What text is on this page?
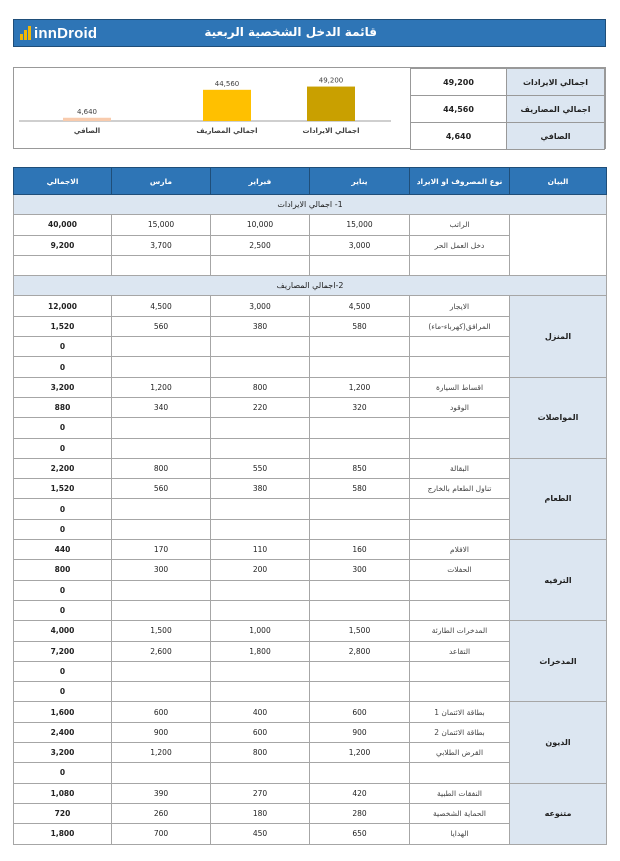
innDroid	قائمة الدخل الشخصية الربعية
49,200
اجمالي الايرادات
44,560
اجمالي المصاريف
4,640
الصافي
اجمالي الايرادات	49,200
اجمالي المصاريف	44,560
الصافي	4,640
البيان	نوع المصروف او الايراد	يناير	فبراير	مارس	الاجمالي
1- اجمالي الايرادات					
	الراتب	15,000	10,000	15,000	40,000
	دخل العمل الحر	3,000	2,500	3,700	9,200

2-اجمالي المصاريف					
المنزل	الايجار	4,500	3,000	4,500	12,000
	المرافق(كهرباء-ماء)	580	380	560	1,520
					0
					0
المواصلات	اقساط السيارة	1,200	800	1,200	3,200
	الوقود	320	220	340	880
					0
					0
الطعام	البقالة	850	550	800	2,200
	تناول الطعام بالخارج	580	380	560	1,520
					0
					0
الترفيه	الافلام	160	110	170	440
	الحفلات	300	200	300	800
					0
					0
المدخرات	المدخرات الطارئة	1,500	1,000	1,500	4,000
	التقاعد	2,800	1,800	2,600	7,200
					0
					0
الديون	بطاقة الائتمان 1	600	400	600	1,600
	بطاقة الائتمان 2	900	600	900	2,400
	القرض الطلابي	1,200	800	1,200	3,200
					0
متنوعه	النفقات الطبية	420	270	390	1,080
	الحماية الشخصية	280	180	260	720
	الهدايا	650	450	700	1,800
